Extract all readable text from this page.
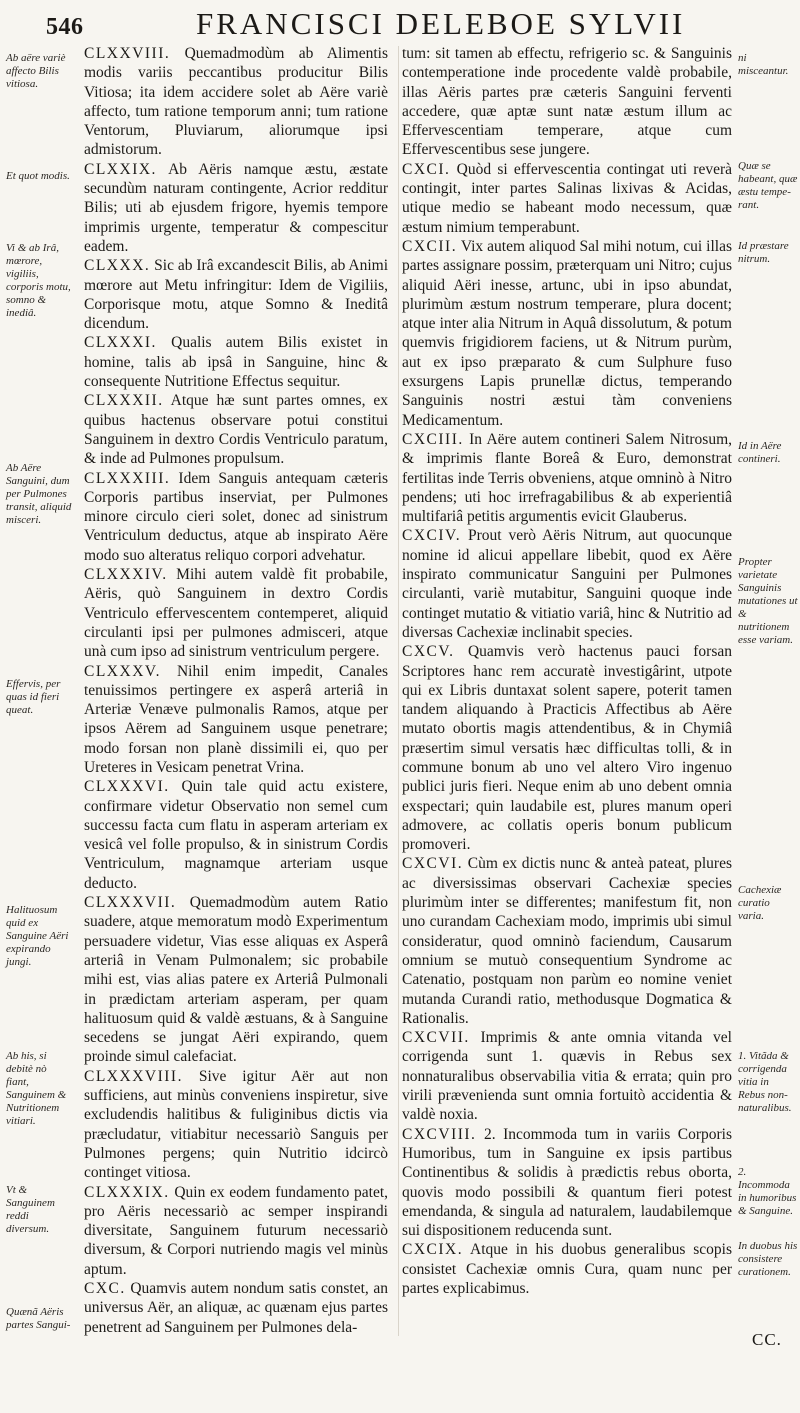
546	FRANCISCI DELEBOE SYLVII
Ab aëre variè affecto Bilis vitiosa.
Et quot modis.
Vi & ab Irâ, mœrore, vigiliis, corporis motu, somno & inediâ.
Ab Aëre Sanguini, dum per Pulmones transit, aliquid misceri.
Effervis, per quas id fieri queat.
Halituosum quid ex Sanguine Aëri expirando jungi.
Ab his, si debitè nò fiant, Sanguinem & Nutritionem vitiari.
Vt & Sanguinem reddi diversum.
Quænã Aëris partes Sangui-
ni misceantur.
Quæ se habeant, quæ æstu tempe-rant.
Id præstare nitrum.
Id in Aëre contineri.
Propter varietate Sanguinis mutationes ut & nutritionem esse variam.
Cachexiæ curatio varia.
1. Vitãda & corrigenda vitia in Rebus non-naturalibus.
2. Incommoda in humoribus & Sanguine.
In duobus his consistere curationem.

CLXXVIII. Quemadmodùm ab Alimentis modis variis peccantibus producitur Bilis Vitiosa; ita idem accidere solet ab Aëre variè affecto, tum ratione temporum anni; tum ratione Ventorum, Pluviarum, aliorumque ipsi admistorum.

CLXXIX. Ab Aëris namque æstu, æstate secundùm naturam contingente, Acrior redditur Bilis; uti ab ejusdem frigore, hyemis tempore imprimis urgente, temperatur & compescitur eadem.

CLXXX. Sic ab Irâ excandescit Bilis, ab Animi mœrore aut Metu infringitur: Idem de Vigiliis, Corporisque motu, atque Somno & Ineditâ dicendum.

CLXXXI. Qualis autem Bilis existet in homine, talis ab ipsâ in Sanguine, hinc & consequente Nutritione Effectus sequitur.

CLXXXII. Atque hæ sunt partes omnes, ex quibus hactenus observare potui constitui Sanguinem in dextro Cordis Ventriculo paratum, & inde ad Pulmones propulsum.

CLXXXIII. Idem Sanguis antequam cæteris Corporis partibus inserviat, per Pulmones minore circulo cieri solet, donec ad sinistrum Ventriculum deductus, atque ab inspirato Aëre modo suo alteratus reliquo corpori advehatur.

CLXXXIV. Mihi autem valdè fit probabile, Aëris, quò Sanguinem in dextro Cordis Ventriculo effervescentem contemperet, aliquid circulanti ipsi per pulmones admisceri, atque unà cum ipso ad sinistrum ventriculum pergere.

CLXXXV. Nihil enim impedit, Canales tenuissimos pertingere ex asperâ arteriâ in Arteriæ Venæve pulmonalis Ramos, atque per ipsos Aërem ad Sanguinem usque penetrare; modo forsan non planè dissimili ei, quo per Ureteres in Vesicam penetrat Vrina.

CLXXXVI. Quin tale quid actu existere, confirmare videtur Observatio non semel cum successu facta cum flatu in asperam arteriam ex vesicâ vel folle propulso, & in sinistrum Cordis Ventriculum, magnamque arteriam usque deducto.

CLXXXVII. Quemadmodùm autem Ratio suadere, atque memoratum modò Experimentum persuadere videtur, Vias esse aliquas ex Asperâ arteriâ in Venam Pulmonalem; sic probabile mihi est, vias alias patere ex Arteriâ Pulmonali in prædictam arteriam asperam, per quam halituosum quid & valdè æstuans, & à Sanguine secedens se jungat Aëri expirando, quem proinde simul calefaciat.

CLXXXVIII. Sive igitur Aër aut non sufficiens, aut minùs conveniens inspiretur, sive excludendis halitibus & fuliginibus dictis via præcludatur, vitiabitur necessariò Sanguis per Pulmones pergens; quin Nutritio idcircò continget vitiosa.

CLXXXIX. Quin ex eodem fundamento patet, pro Aëris necessariò ac semper inspirandi diversitate, Sanguinem futurum necessariò diversum, & Corpori nutriendo magis vel minùs aptum.

CXC. Quamvis autem nondum satis constet, an universus Aër, an aliquæ, ac quænam ejus partes penetrent ad Sanguinem per Pulmones dela-

tum: sit tamen ab effectu, refrigerio sc. & Sanguinis contemperatione inde procedente valdè probabile, illas Aëris partes præ cæteris Sanguini ferventi accedere, quæ aptæ sunt natæ æstum illum ac Effervescentiam temperare, atque cum Effervescentibus sese jungere.

CXCI. Quòd si effervescentia contingat uti reverà contingit, inter partes Salinas lixivas & Acidas, utique medio se habeant modo necessum, quæ æstum nimium temperabunt.

CXCII. Vix autem aliquod Sal mihi notum, cui illas partes assignare possim, præterquam uni Nitro; cujus aliquid Aëri inesse, artunc, ubi in ipso abundat, plurimùm æstum nostrum temperare, plura docent; atque inter alia Nitrum in Aquâ dissolutum, & potum quemvis frigidiorem faciens, ut & Nitrum purùm, aut ex ipso præparato & cum Sulphure fuso exsurgens Lapis prunellæ dictus, temperando Sanguinis nostri æstui tàm conveniens Medicamentum.

CXCIII. In Aëre autem contineri Salem Nitrosum, & imprimis flante Boreâ & Euro, demonstrat fertilitas inde Terris obveniens, atque omninò à Nitro pendens; uti hoc irrefragabilibus & ab experientiâ multifariâ petitis argumentis evicit Glauberus.

CXCIV. Prout verò Aëris Nitrum, aut quocunque nomine id alicui appellare libebit, quod ex Aëre inspirato communicatur Sanguini per Pulmones circulanti, variè mutabitur, Sanguini quoque inde continget mutatio & vitiatio variâ, hinc & Nutritio ad diversas Cachexiæ inclinabit species.

CXCV. Quamvis verò hactenus pauci forsan Scriptores hanc rem accuratè investigârint, utpote qui ex Libris duntaxat solent sapere, poterit tamen tandem aliquando à Practicis Affectibus ab Aëre mutato obortis magis attendentibus, & in Chymiâ præsertim simul versatis hæc difficultas tolli, & in commune bonum ab uno vel altero Viro ingenuo publici juris fieri. Neque enim ab uno debent omnia exspectari; quin laudabile est, plures manum operi admovere, ac collatis operis bonum publicum promoveri.

CXCVI. Cùm ex dictis nunc & anteà pateat, plures ac diversissimas observari Cachexiæ species plurimùm inter se differentes; manifestum fit, non uno curandam Cachexiam modo, imprimis ubi simul consideratur, quod omninò faciendum, Causarum omnium se mutuò consequentium Syndrome ac Catenatio, postquam non parùm eo nomine veniet mutanda Curandi ratio, methodusque Dogmatica & Rationalis.

CXCVII. Imprimis & ante omnia vitanda vel corrigenda sunt 1. quævis in Rebus sex nonnaturalibus observabilia vitia & errata; quin pro virili prævenienda sunt omnia fortuitò accidentia & valdè noxia.

CXCVIII. 2. Incommoda tum in variis Corporis Humoribus, tum in Sanguine ex ipsis partibus Continentibus & solidis à prædictis rebus oborta, quovis modo possibili & quantum fieri potest emendanda, & singula ad naturalem, laudabilemque sui dispositionem reducenda sunt.

CXCIX. Atque in his duobus generalibus scopis consistet Cachexiæ omnis Cura, quam nunc per partes explicabimus.

CC.
